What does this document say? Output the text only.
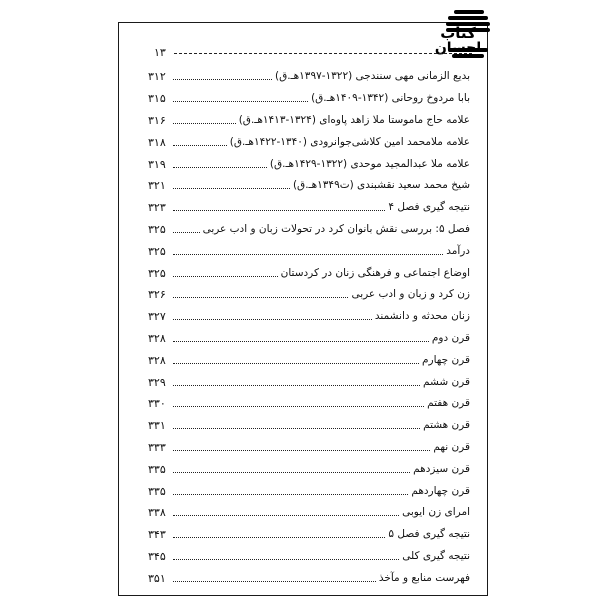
کتاب
احسان
۱۳
بدیع الزمانی مهی سنندجی (۱۳۲۲-۱۳۹۷هـ.ق)
۳۱۲
بابا مردوخ روحانی (۱۳۴۲-۱۴۰۹هـ.ق)
۳۱۵
علامه حاج ماموستا ملا زاهد پاوه‌ای (۱۳۲۴-۱۴۱۳هـ.ق)
۳۱۶
علامه ملامحمد امین کلاشی‌جوانرودی (۱۳۴۰-۱۴۲۲هـ.ق)
۳۱۸
علامه ملا عبدالمجید موحدی (۱۳۲۲-۱۴۲۹هـ.ق)
۳۱۹
شیخ محمد سعید نقشبندی (ت۱۳۴۹هـ.ق)
۳۲۱
نتیجه گیری فصل ۴
۳۲۳
فصل ۵: بررسی نقش بانوان کرد در تحولات زبان و ادب عربی
۳۲۵
درآمد
۳۲۵
اوضاع اجتماعی و فرهنگی زنان در کردستان
۳۲۵
زن کرد و زبان و ادب عربی
۳۲۶
زنان محدثه و دانشمند
۳۲۷
قرن دوم
۳۲۸
قرن چهارم
۳۲۸
قرن ششم
۳۲۹
قرن هفتم
۳۳۰
قرن هشتم
۳۳۱
قرن نهم
۳۳۳
قرن سیزدهم
۳۳۵
قرن چهاردهم
۳۳۵
امرای زن ایوبی
۳۳۸
نتیجه گیری فصل ۵
۳۴۳
نتیجه گیری کلی
۳۴۵
فهرست منابع و مآخذ
۳۵۱
